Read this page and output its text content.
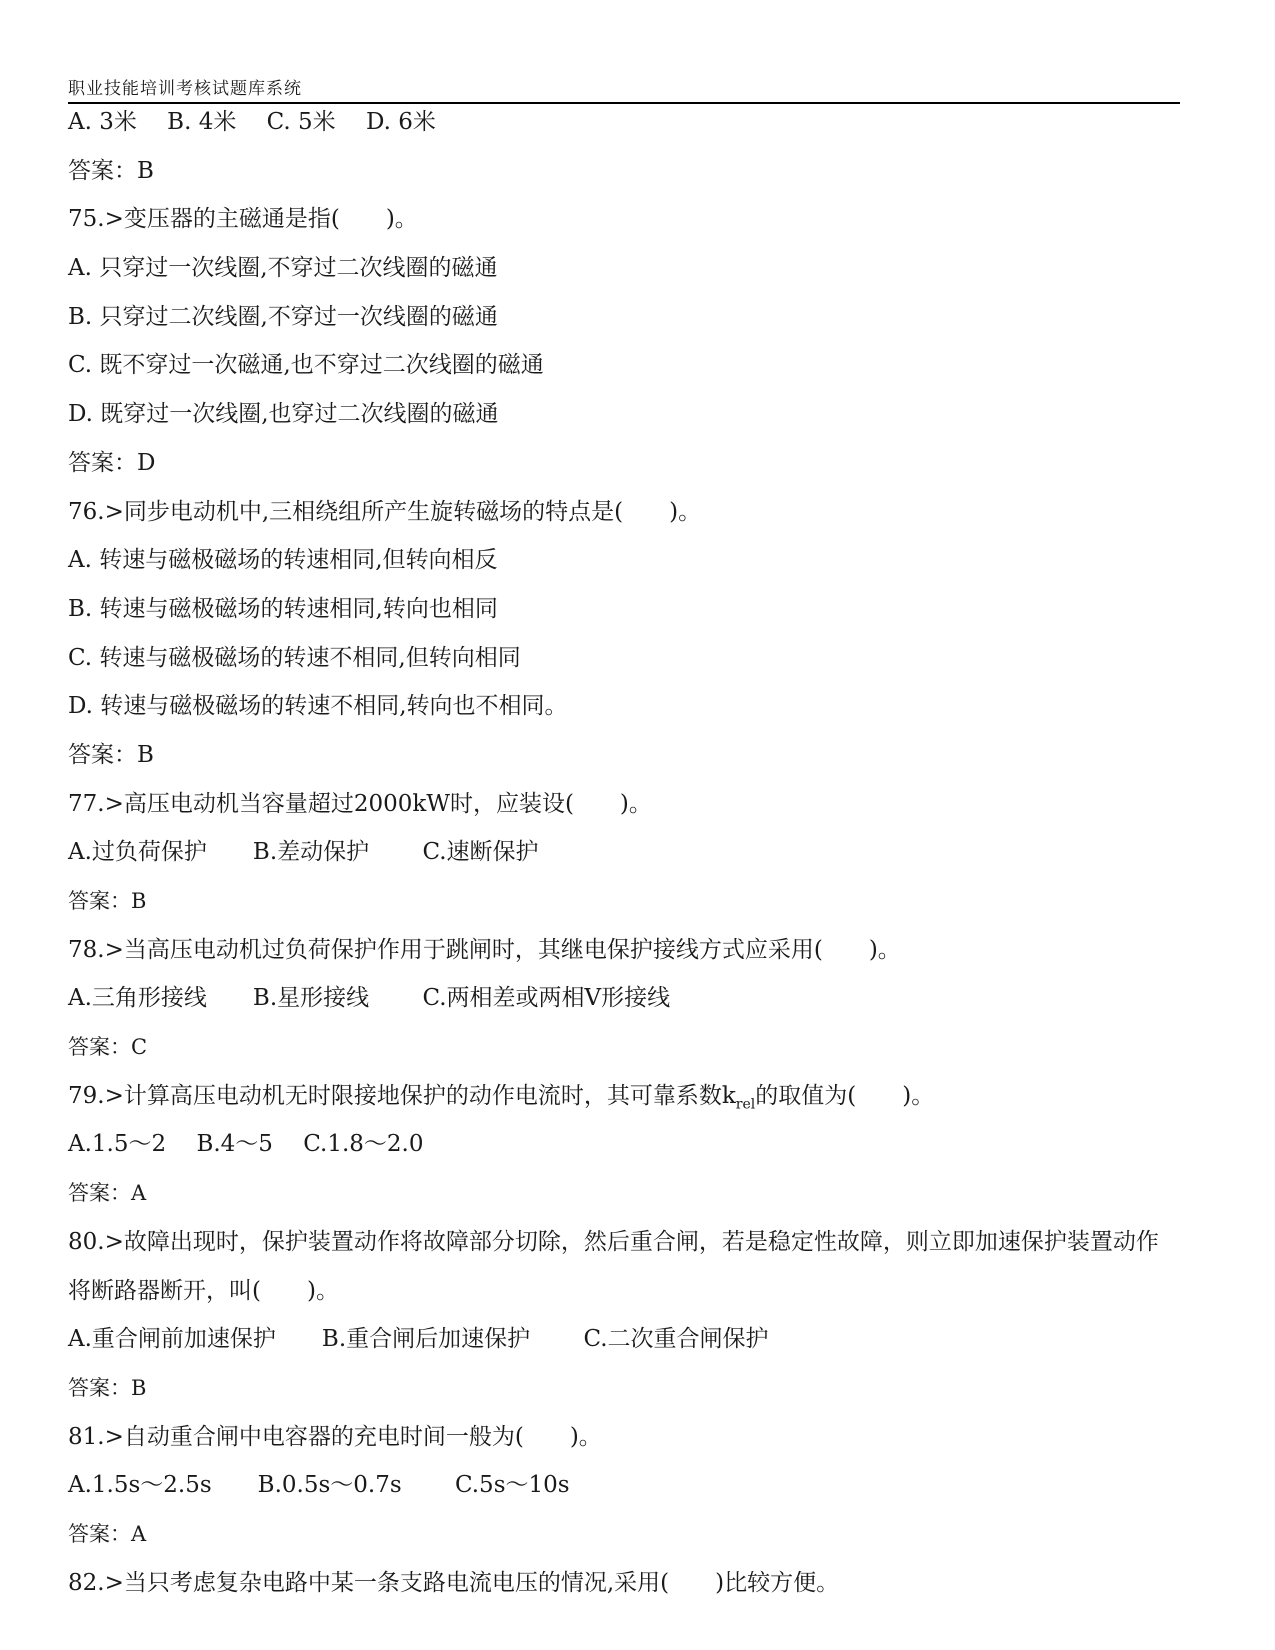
职业技能培训考核试题库系统
A. 3米　 B. 4米　 C. 5米　 D. 6米
答案：B
75.>变压器的主磁通是指(　　)。
A. 只穿过一次线圈,不穿过二次线圈的磁通
B. 只穿过二次线圈,不穿过一次线圈的磁通
C. 既不穿过一次磁通,也不穿过二次线圈的磁通
D. 既穿过一次线圈,也穿过二次线圈的磁通
答案：D
76.>同步电动机中,三相绕组所产生旋转磁场的特点是(　　)。
A. 转速与磁极磁场的转速相同,但转向相反
B. 转速与磁极磁场的转速相同,转向也相同
C. 转速与磁极磁场的转速不相同,但转向相同
D. 转速与磁极磁场的转速不相同,转向也不相同。
答案：B
77.>高压电动机当容量超过2000kW时，应装设(　　)。
A.过负荷保护　　B.差动保护　　 C.速断保护
答案：B
78.>当高压电动机过负荷保护作用于跳闸时，其继电保护接线方式应采用(　　)。
A.三角形接线　　B.星形接线　　 C.两相差或两相V形接线
答案：C
79.>计算高压电动机无时限接地保护的动作电流时，其可靠系数$k_{rel}$的取值为(　　)。
A.1.5～2　 B.4～5　 C.1.8～2.0
答案：A
80.>故障出现时，保护装置动作将故障部分切除，然后重合闸，若是稳定性故障，则立即加速保护装置动作将断路器断开，叫(　　)。
A.重合闸前加速保护　　B.重合闸后加速保护　　 C.二次重合闸保护
答案：B
81.>自动重合闸中电容器的充电时间一般为(　　)。
A.1.5s～2.5s　　B.0.5s～0.7s　　 C.5s～10s
答案：A
82.>当只考虑复杂电路中某一条支路电流电压的情况,采用(　　)比较方便。
